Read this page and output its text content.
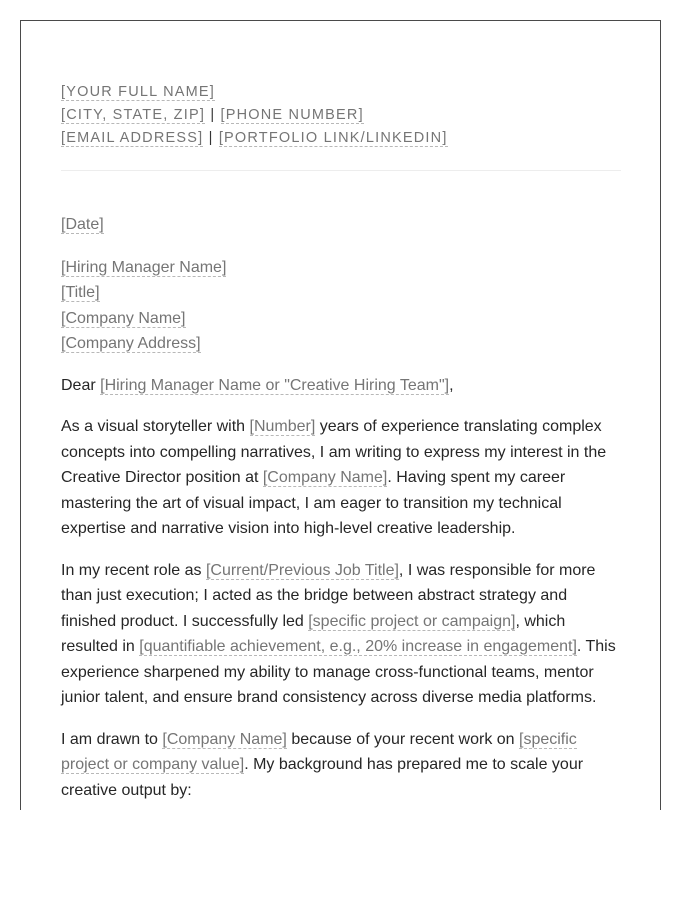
[YOUR FULL NAME]
[CITY, STATE, ZIP] | [PHONE NUMBER]
[EMAIL ADDRESS] | [PORTFOLIO LINK/LINKEDIN]
[Date]
[Hiring Manager Name]
[Title]
[Company Name]
[Company Address]

Dear [Hiring Manager Name or "Creative Hiring Team"],

As a visual storyteller with [Number] years of experience translating complex concepts into compelling narratives, I am writing to express my interest in the Creative Director position at [Company Name]. Having spent my career mastering the art of visual impact, I am eager to transition my technical expertise and narrative vision into high-level creative leadership.

In my recent role as [Current/Previous Job Title], I was responsible for more than just execution; I acted as the bridge between abstract strategy and finished product. I successfully led [specific project or campaign], which resulted in [quantifiable achievement, e.g., 20% increase in engagement]. This experience sharpened my ability to manage cross-functional teams, mentor junior talent, and ensure brand consistency across diverse media platforms.

I am drawn to [Company Name] because of your recent work on [specific project or company value]. My background has prepared me to scale your creative output by:
